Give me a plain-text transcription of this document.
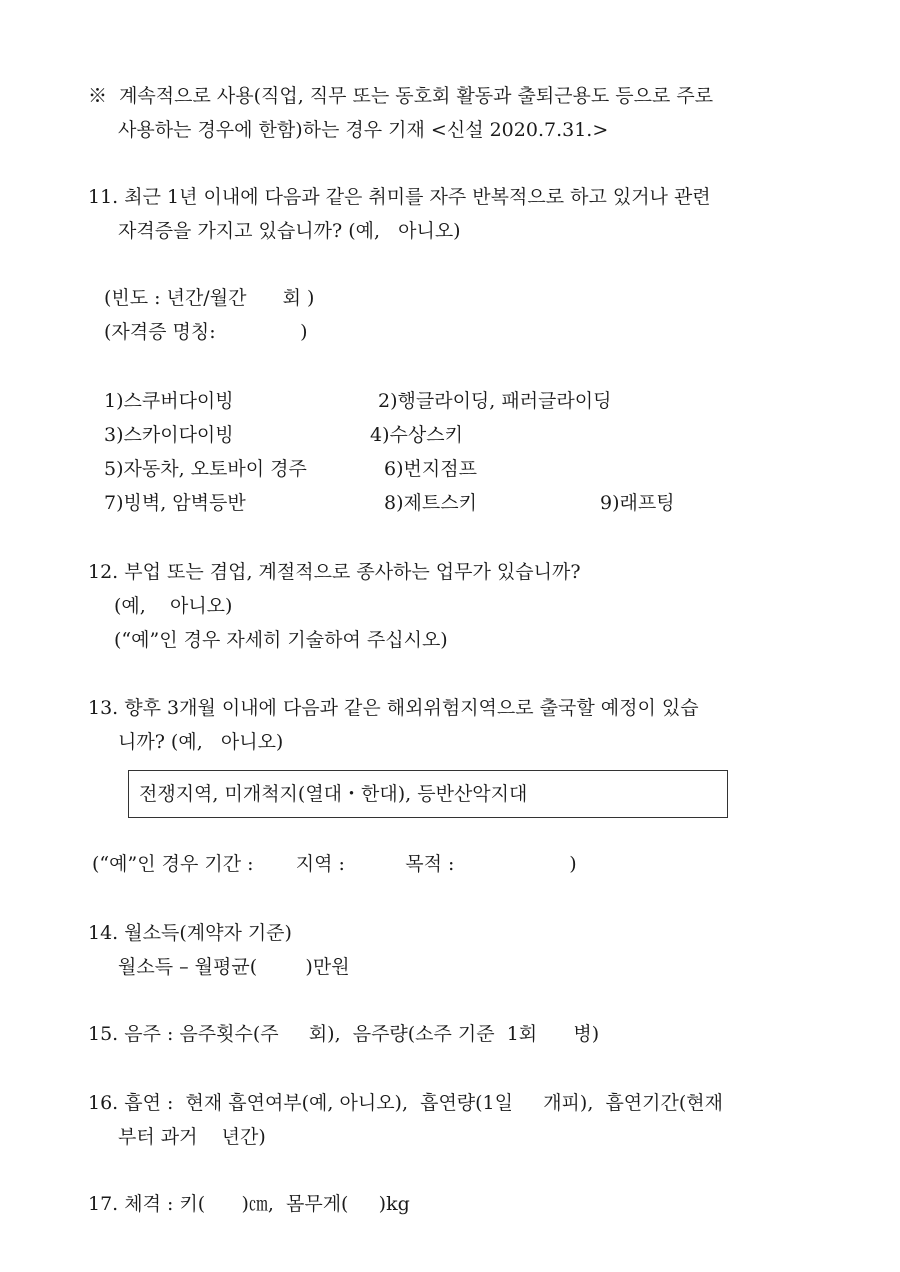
※  계속적으로 사용(직업, 직무 또는 동호회 활동과 출퇴근용도 등으로 주로
사용하는 경우에 한함)하는 경우 기재 <신설 2020.7.31.>
11. 최근 1년 이내에 다음과 같은 취미를 자주 반복적으로 하고 있거나 관련
자격증을 가지고 있습니까? (예,   아니오)
(빈도 : 년간/월간      회 )
(자격증 명칭:              )
1)스쿠버다이빙	2)행글라이딩, 패러글라이딩
3)스카이다이빙	4)수상스키
5)자동차, 오토바이 경주	6)번지점프
7)빙벽, 암벽등반	8)제트스키	9)래프팅
12. 부업 또는 겸업, 계절적으로 종사하는 업무가 있습니까?
(예,    아니오)
(“예”인 경우 자세히 기술하여 주십시오)
13. 향후 3개월 이내에 다음과 같은 해외위험지역으로 출국할 예정이 있습
니까? (예,   아니오)
전쟁지역, 미개척지(열대・한대), 등반산악지대
(“예”인 경우 기간 :       지역 :          목적 :                   )
14. 월소득(계약자 기준)
월소득 – 월평균(        )만원
15. 음주 : 음주횟수(주     회),  음주량(소주 기준  1회      병)
16. 흡연 :  현재 흡연여부(예, 아니오),  흡연량(1일     개피),  흡연기간(현재
부터 과거    년간)
17. 체격 : 키(      )㎝,  몸무게(     )kg
